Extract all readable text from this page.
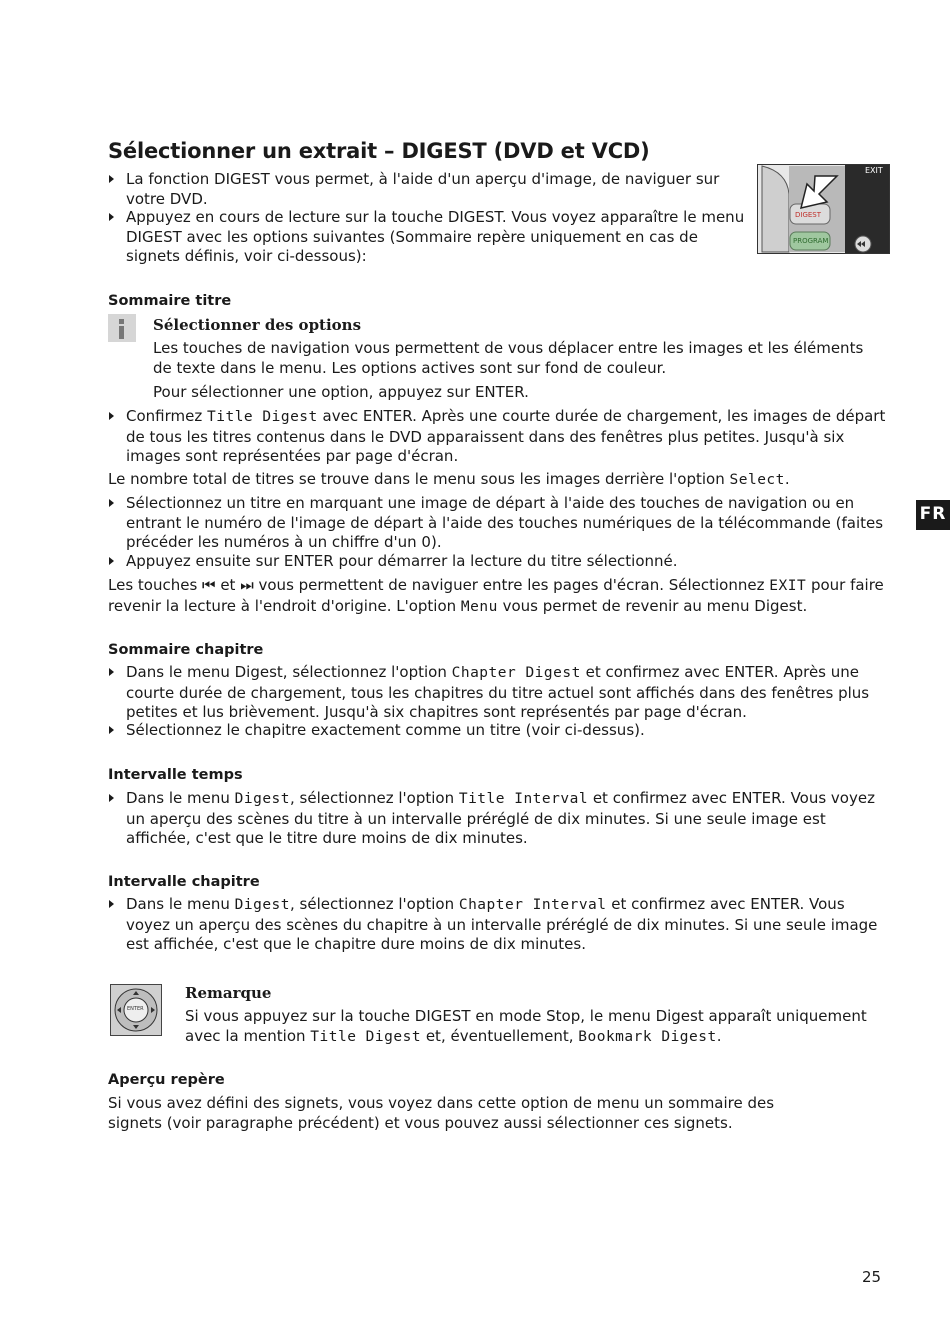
Sélectionner un extrait – DIGEST (DVD et VCD)
EXIT
DIGEST
PROGRAM
La fonction DIGEST vous permet, à l'aide d'un aperçu d'image, de naviguer sur votre DVD.
Appuyez en cours de lecture sur la touche DIGEST. Vous voyez apparaître le menu DIGEST avec les options suivantes (Sommaire repère uniquement en cas de signets définis, voir ci-dessous):
Sommaire titre
Sélectionner des options
Les touches de navigation vous permettent de vous déplacer entre les images et les éléments de texte dans le menu. Les options actives sont sur fond de couleur.
Pour sélectionner une option, appuyez sur ENTER.
Confirmez Title Digest avec ENTER. Après une courte durée de chargement, les images de départ de tous les titres contenus dans le DVD apparaissent dans des fenêtres plus petites. Jusqu'à six images sont représentées par page d'écran.
Le nombre total de titres se trouve dans le menu sous les images derrière l'option Select.
Sélectionnez un titre en marquant une image de départ à l'aide des touches de navigation ou en entrant le numéro de l'image de départ à l'aide des touches numériques de la télécommande (faites précéder les numéros à un chiffre d'un 0).
Appuyez ensuite sur ENTER pour démarrer la lecture du titre sélectionné.
Les touches ⏮ et ⏭ vous permettent de naviguer entre les pages d'écran. Sélectionnez EXIT pour faire revenir la lecture à l'endroit d'origine. L'option Menu vous permet de revenir au menu Digest.
Sommaire chapitre
Dans le menu Digest, sélectionnez l'option Chapter Digest et confirmez avec ENTER. Après une courte durée de chargement, tous les chapitres du titre actuel sont affichés dans des fenêtres plus petites et lus brièvement. Jusqu'à six chapitres sont représentés par page d'écran.
Sélectionnez le chapitre exactement comme un titre (voir ci-dessus).
Intervalle temps
Dans le menu Digest, sélectionnez l'option Title Interval et confirmez avec ENTER. Vous voyez un aperçu des scènes du titre à un intervalle préréglé de dix minutes. Si une seule image est affichée, c'est que le titre dure moins de dix minutes.
Intervalle chapitre
Dans le menu Digest, sélectionnez l'option Chapter Interval et confirmez avec ENTER. Vous voyez un aperçu des scènes du chapitre à un intervalle préréglé de dix minutes. Si une seule image est affichée, c'est que le chapitre dure moins de dix minutes.
ENTER
Remarque
Si vous appuyez sur la touche DIGEST en mode Stop, le menu Digest apparaît uniquement avec la mention Title Digest et, éventuellement, Bookmark Digest.
Aperçu repère
Si vous avez défini des signets, vous voyez dans cette option de menu un sommaire des signets (voir paragraphe précédent) et vous pouvez aussi sélectionner ces signets.
FR
25
